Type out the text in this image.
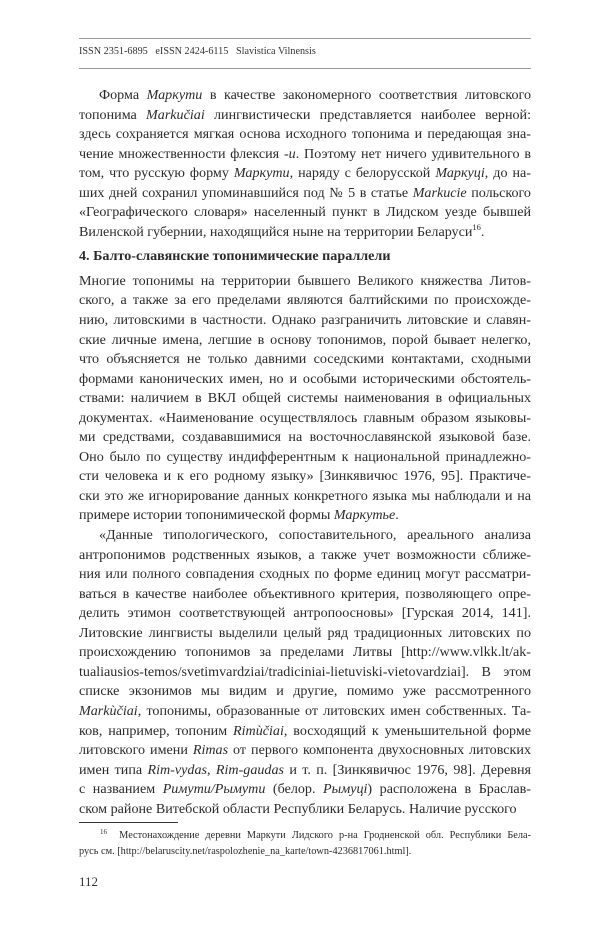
ISSN 2351-6895   eISSN 2424-6115   Slavistica Vilnensis
Форма Маркути в качестве закономерного соответствия литовского
топонима Markučiai лингвистически представляется наиболее верной:
здесь сохраняется мягкая основа исходного топонима и передающая зна-
чение множественности флексия -и. Поэтому нет ничего удивительного в
том, что русскую форму Маркути, наряду с белорусской Маркуці, до на-
ших дней сохранил упоминавшийся под № 5 в статье Markucie польского
«Географического словаря» населенный пункт в Лидском уезде бывшей
Виленской губернии, находящийся ныне на территории Беларуси$^{16}$.
4. Балто-славянские топонимические параллели
Многие топонимы на территории бывшего Великого княжества Литов-
ского, а также за его пределами являются балтийскими по происхожде-
нию, литовскими в частности. Однако разграничить литовские и славян-
ские личные имена, легшие в основу топонимов, порой бывает нелегко,
что объясняется не только давними соседскими контактами, сходными
формами канонических имен, но и особыми историческими обстоятель-
ствами: наличием в ВКЛ общей системы наименования в официальных
документах. «Наименование осуществлялось главным образом языковы-
ми средствами, создававшимися на восточнославянской языковой базе.
Оно было по существу индифферентным к национальной принадлежно-
сти человека и к его родному языку» [Зинкявичюс 1976, 95]. Практиче-
ски это же игнорирование данных конкретного языка мы наблюдали и на
примере истории топонимической формы Маркутье.
«Данные типологического, сопоставительного, ареального анализа
антропонимов родственных языков, а также учет возможности сближе-
ния или полного совпадения сходных по форме единиц могут рассматри-
ваться в качестве наиболее объективного критерия, позволяющего опре-
делить этимон соответствующей антропоосновы» [Гурская 2014, 141].
Литовские лингвисты выделили целый ряд традиционных литовских по
происхождению топонимов за пределами Литвы [http://www.vlkk.lt/ak-
tualiausios-temos/svetimvardziai/tradiciniai-lietuviski-vietovardziai]. В этом
списке экзонимов мы видим и другие, помимо уже рассмотренного
Markùčiai, топонимы, образованные от литовских имен собственных. Та-
ков, например, топоним Rimùčiai, восходящий к уменьшительной форме
литовского имени Rimas от первого компонента двухосновных литовских
имен типа Rim-vydas, Rim-gaudas и т. п. [Зинкявичюс 1976, 98]. Деревня
с названием Римути/Рымути (белор. Рымуці) расположена в Браслав-
ском районе Витебской области Республики Беларусь. Наличие русского
$^{16}$ Местонахождение деревни Маркути Лидского р-на Гродненской обл. Республики Бела-
русь см. [http://belaruscity.net/raspolozhenie_na_karte/town-4236817061.html].
112
